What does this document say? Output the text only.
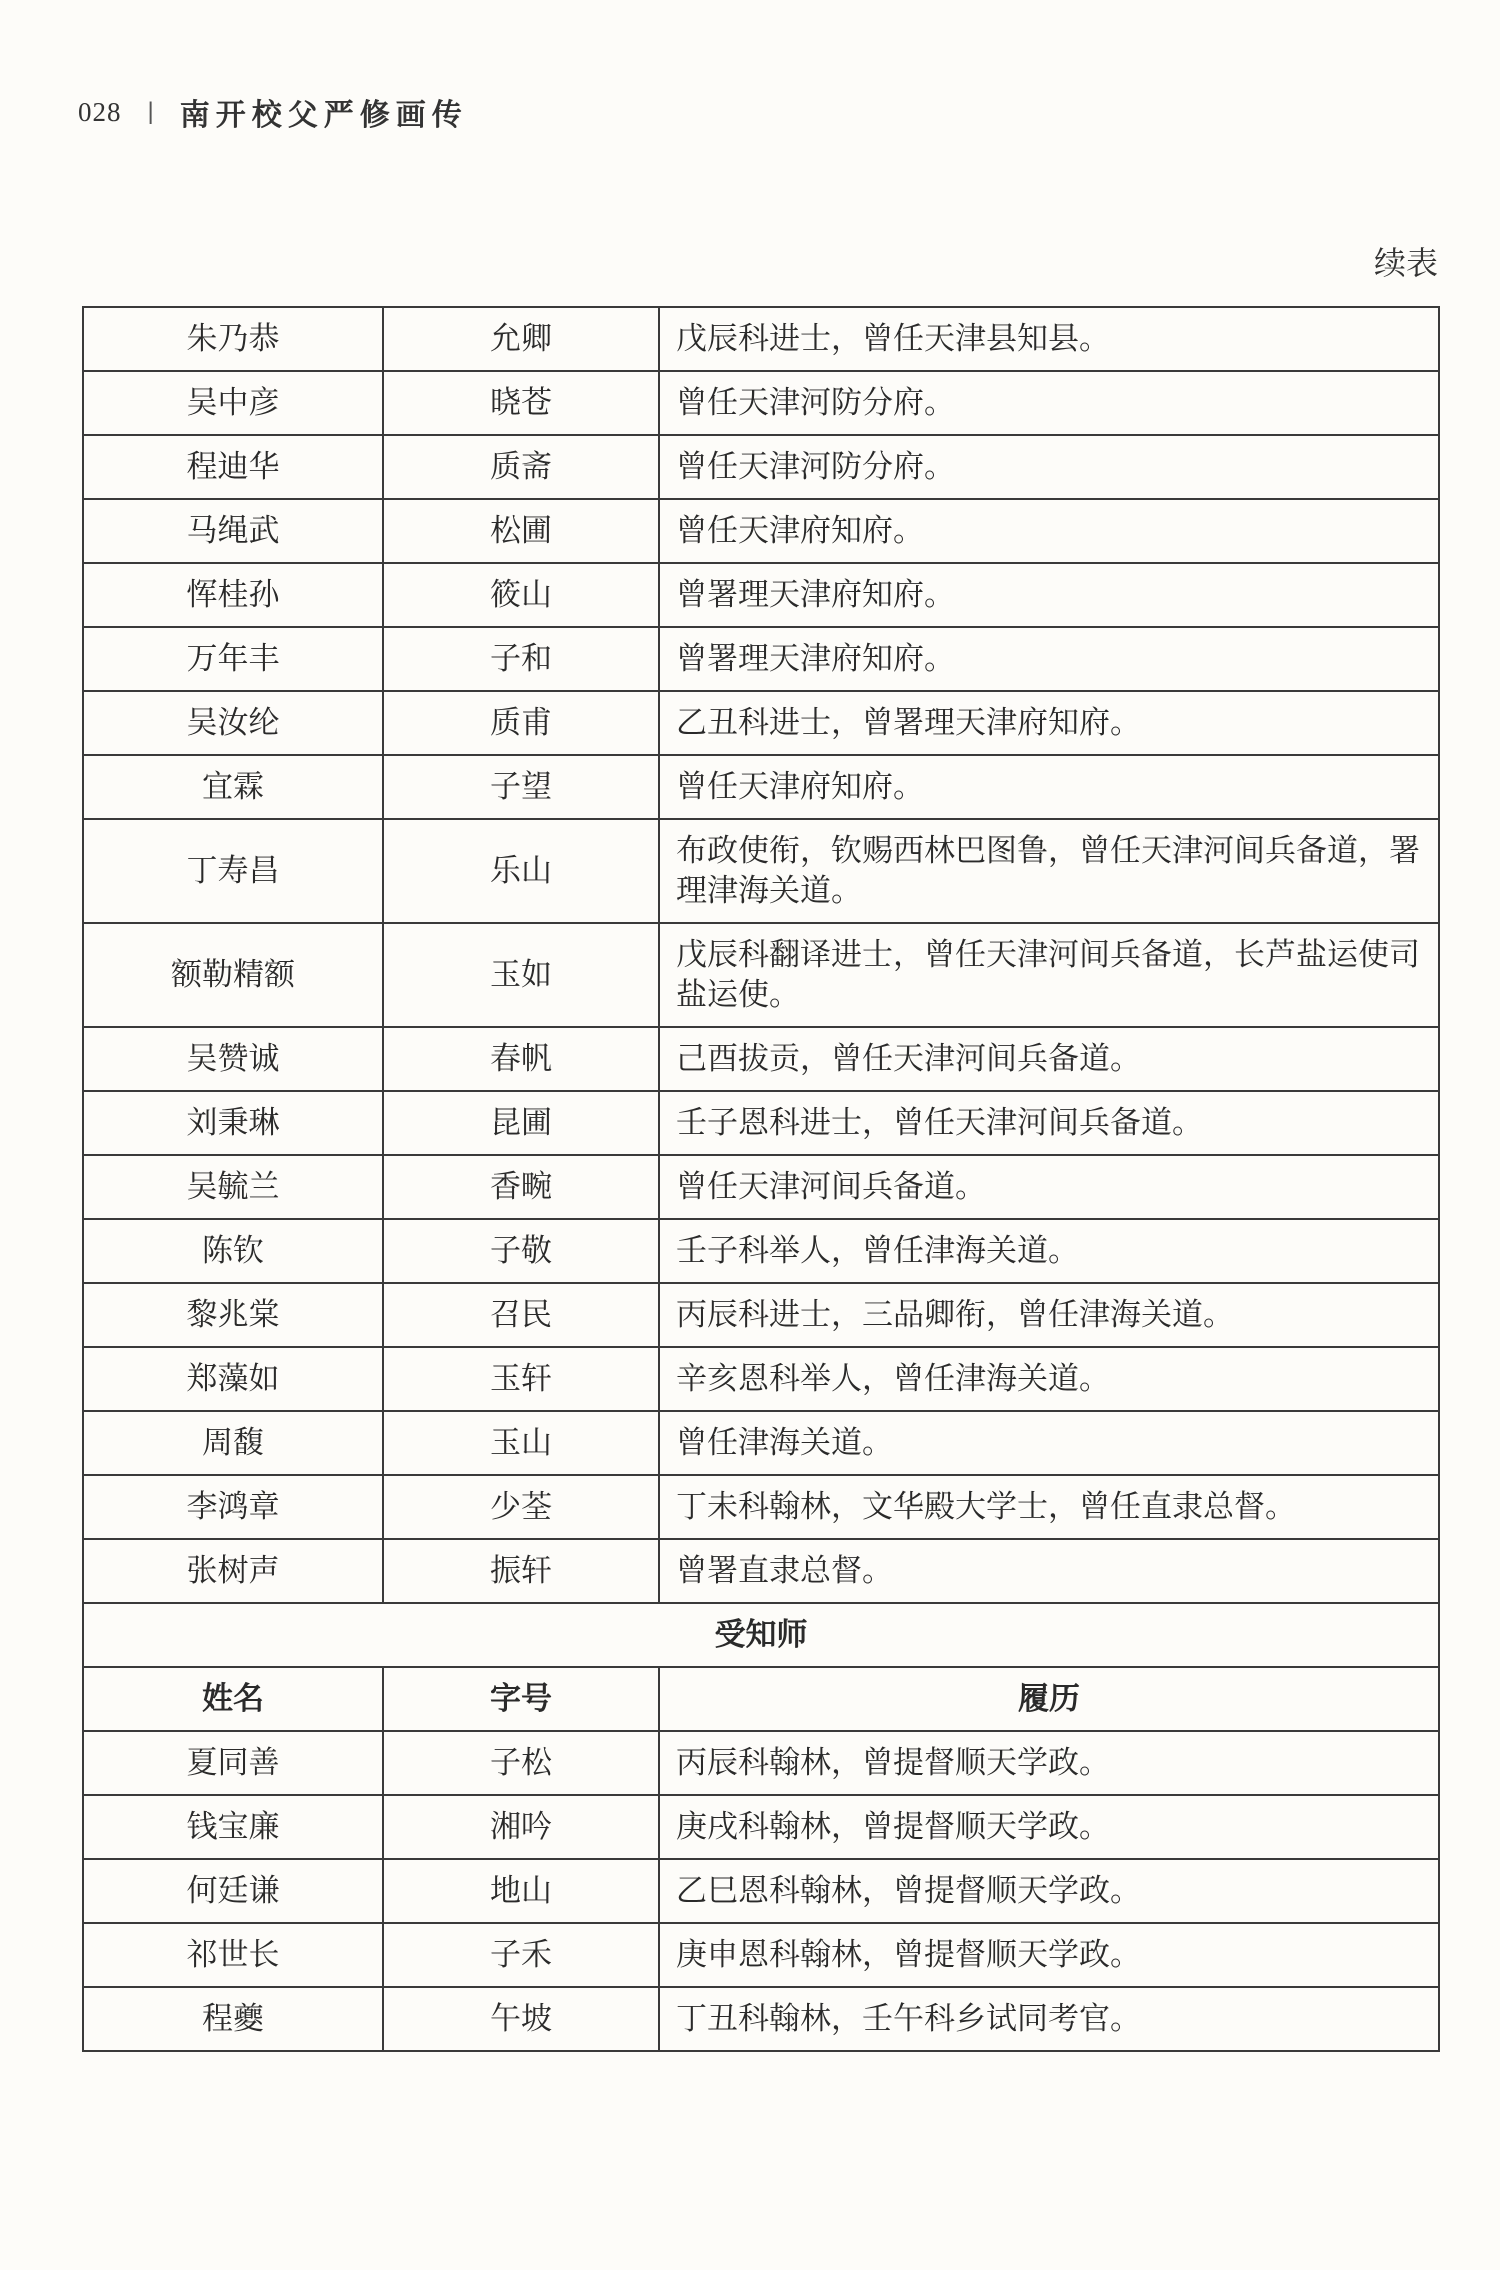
028 | 南开校父严修画传
续表
朱乃恭	允卿	戊辰科进士，曾任天津县知县。
吴中彦	晓苍	曾任天津河防分府。
程迪华	质斋	曾任天津河防分府。
马绳武	松圃	曾任天津府知府。
恽桂孙	筱山	曾署理天津府知府。
万年丰	子和	曾署理天津府知府。
吴汝纶	质甫	乙丑科进士，曾署理天津府知府。
宜霖	子望	曾任天津府知府。
丁寿昌	乐山	布政使衔，钦赐西林巴图鲁，曾任天津河间兵备道，署理津海关道。
额勒精额	玉如	戊辰科翻译进士，曾任天津河间兵备道，长芦盐运使司盐运使。
吴赞诚	春帆	己酉拔贡，曾任天津河间兵备道。
刘秉琳	昆圃	壬子恩科进士，曾任天津河间兵备道。
吴毓兰	香畹	曾任天津河间兵备道。
陈钦	子敬	壬子科举人，曾任津海关道。
黎兆棠	召民	丙辰科进士，三品卿衔，曾任津海关道。
郑藻如	玉轩	辛亥恩科举人，曾任津海关道。
周馥	玉山	曾任津海关道。
李鸿章	少荃	丁未科翰林，文华殿大学士，曾任直隶总督。
张树声	振轩	曾署直隶总督。
受知师		
姓名	字号	履历
夏同善	子松	丙辰科翰林，曾提督顺天学政。
钱宝廉	湘吟	庚戌科翰林，曾提督顺天学政。
何廷谦	地山	乙巳恩科翰林，曾提督顺天学政。
祁世长	子禾	庚申恩科翰林，曾提督顺天学政。
程夔	午坡	丁丑科翰林，壬午科乡试同考官。
